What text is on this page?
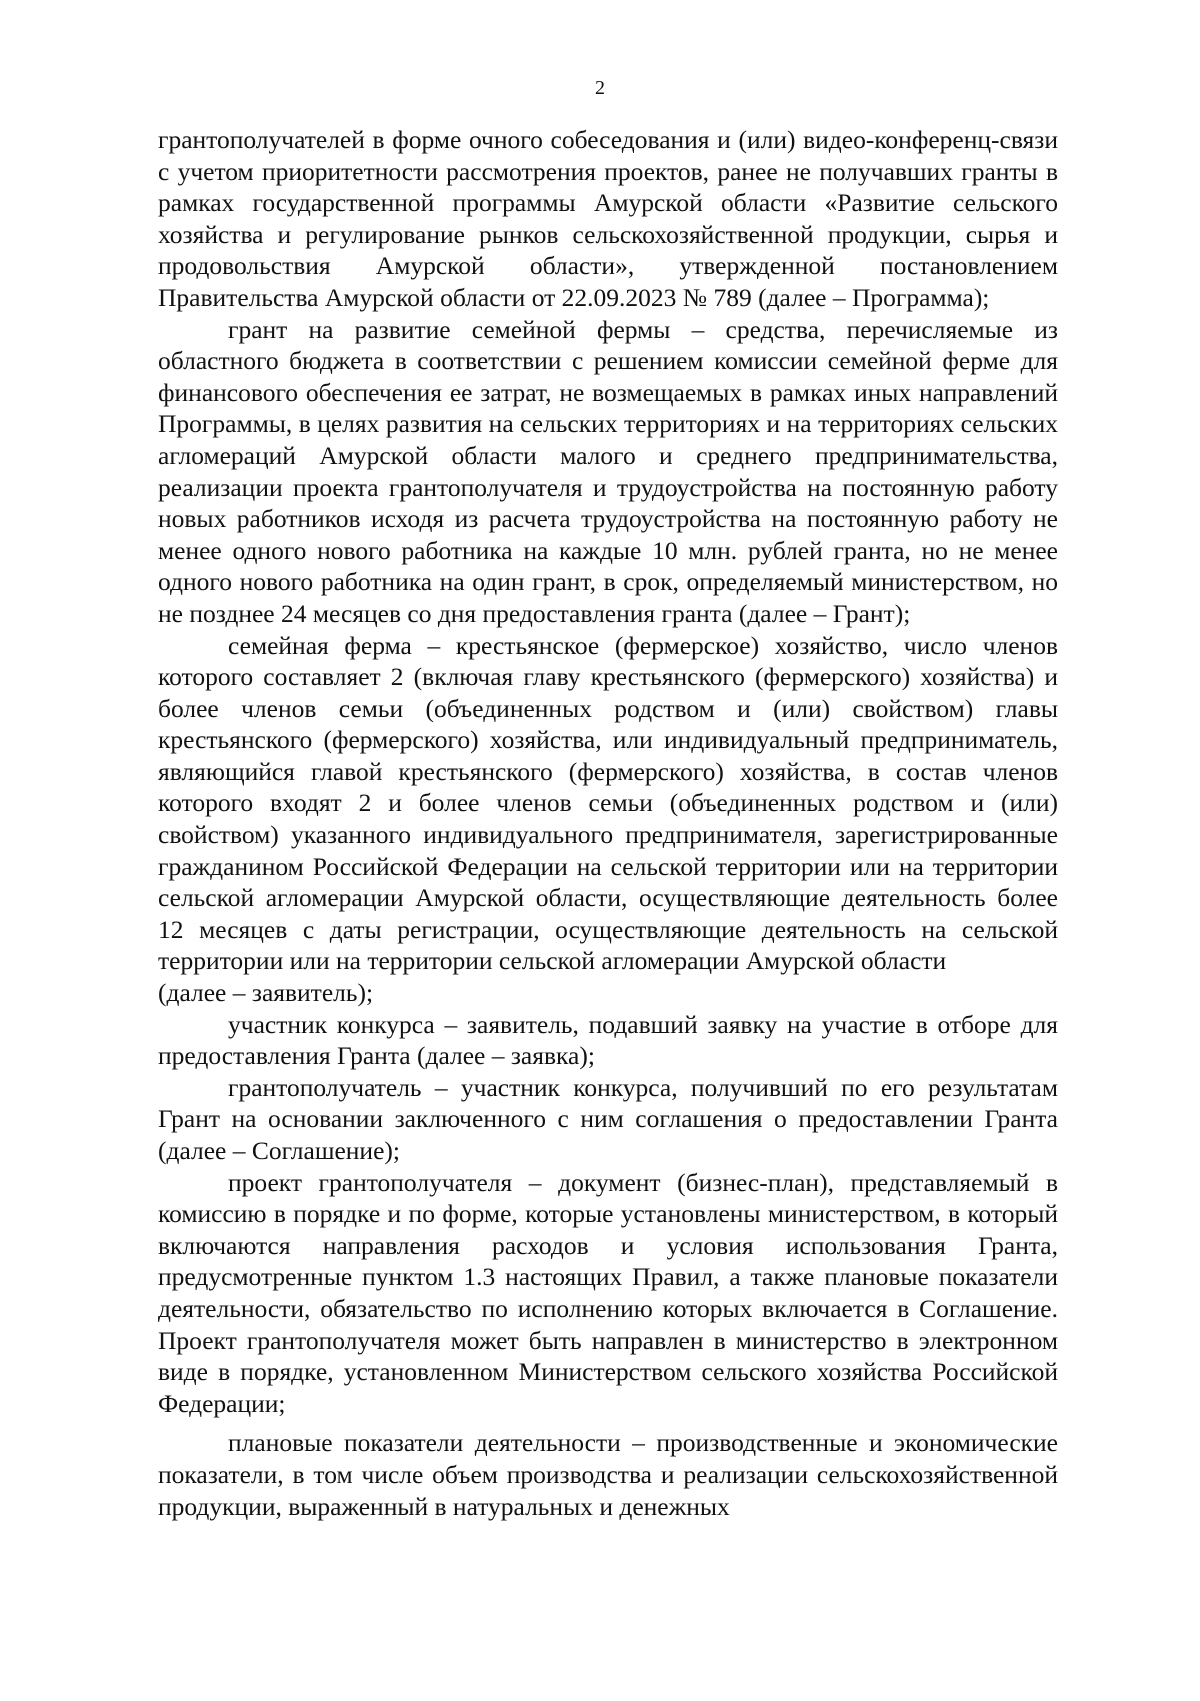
2

грантополучателей в форме очного собеседования и (или) видео-конференц-связи с учетом приоритетности рассмотрения проектов, ранее не получавших гранты в рамках государственной программы Амурской области «Развитие сельского хозяйства и регулирование рынков сельскохозяйственной продукции, сырья и продовольствия Амурской области», утвержденной постановлением Правительства Амурской области от 22.09.2023 № 789 (далее – Программа);

грант на развитие семейной фермы – средства, перечисляемые из областного бюджета в соответствии с решением комиссии семейной ферме для финансового обеспечения ее затрат, не возмещаемых в рамках иных направлений Программы, в целях развития на сельских территориях и на территориях сельских агломераций Амурской области малого и среднего предпринимательства, реализации проекта грантополучателя и трудоустройства на постоянную работу новых работников исходя из расчета трудоустройства на постоянную работу не менее одного нового работника на каждые 10 млн. рублей гранта, но не менее одного нового работника на один грант, в срок, определяемый министерством, но не позднее 24 месяцев со дня предоставления гранта (далее – Грант);

семейная ферма – крестьянское (фермерское) хозяйство, число членов которого составляет 2 (включая главу крестьянского (фермерского) хозяйства) и более членов семьи (объединенных родством и (или) свойством) главы крестьянского (фермерского) хозяйства, или индивидуальный предприниматель, являющийся главой крестьянского (фермерского) хозяйства, в состав членов которого входят 2 и более членов семьи (объединенных родством и (или) свойством) указанного индивидуального предпринимателя, зарегистрированные гражданином Российской Федерации на сельской территории или на территории сельской агломерации Амурской области, осуществляющие деятельность более 12 месяцев с даты регистрации, осуществляющие деятельность на сельской территории или на территории сельской агломерации Амурской области

(далее – заявитель);

участник конкурса – заявитель, подавший заявку на участие в отборе для предоставления Гранта (далее – заявка);

грантополучатель – участник конкурса, получивший по его результатам Грант на основании заключенного с ним соглашения о предоставлении Гранта (далее – Соглашение);

проект грантополучателя – документ (бизнес-план), представляемый в комиссию в порядке и по форме, которые установлены министерством, в который включаются направления расходов и условия использования Гранта, предусмотренные пунктом 1.3 настоящих Правил, а также плановые показатели деятельности, обязательство по исполнению которых включается в Соглашение. Проект грантополучателя может быть направлен в министерство в электронном виде в порядке, установленном Министерством сельского хозяйства Российской Федерации;

плановые показатели деятельности – производственные и экономические показатели, в том числе объем производства и реализации сельскохозяйственной продукции, выраженный в натуральных и денежных
